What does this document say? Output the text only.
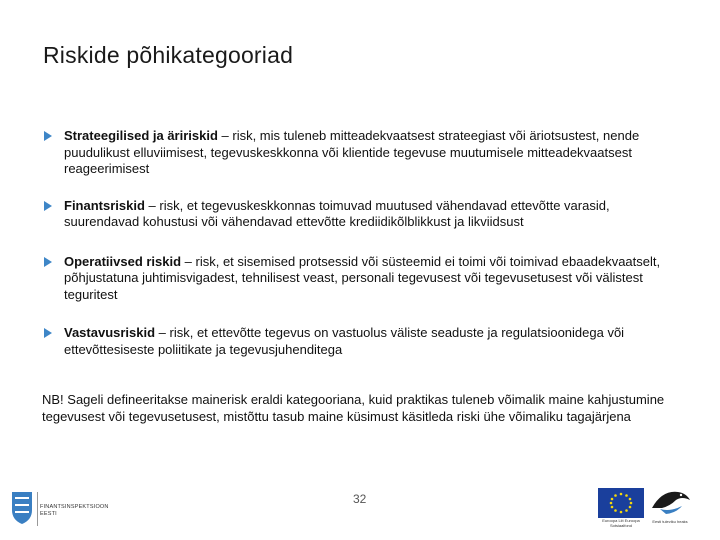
Riskide põhikategooriad
Strateegilised ja äririskid – risk, mis tuleneb mitteadekvaatsest strateegiast või äriotsustest, nende puudulikust elluviimisest, tegevuskeskkonna või klientide tegevuse muutumisele mitteadekvaatsest reageerimisest
Finantsriskid – risk, et tegevuskeskkonnas toimuvad muutused vähendavad ettevõtte varasid, suurendavad kohustusi või vähendavad ettevõtte krediidikõlblikkust ja likviidsust
Operatiivsed riskid – risk, et sisemised protsessid või süsteemid ei toimi või toimivad ebaadekvaatselt, põhjustatuna juhtimisvigadest, tehnilisest veast, personali tegevusest või tegevusetusest või välistest teguritest
Vastavusriskid – risk, et ettevõtte tegevus on vastuolus väliste seaduste ja regulatsioonidega või ettevõttesiseste poliitikate ja tegevusjuhenditega
NB! Sageli defineeritakse mainerisk eraldi kategooriana, kuid praktikas tuleneb võimalik maine kahjustumine tegevusest või tegevusetusest, mistõttu tasub maine küsimust käsitleda riski ühe võimaliku tagajärjena
32
FINANTSINSPEKTSIOON EESTI
Euroopa Liit Euroopa Sotsiaalfond
Eesti tuleviku heaks
